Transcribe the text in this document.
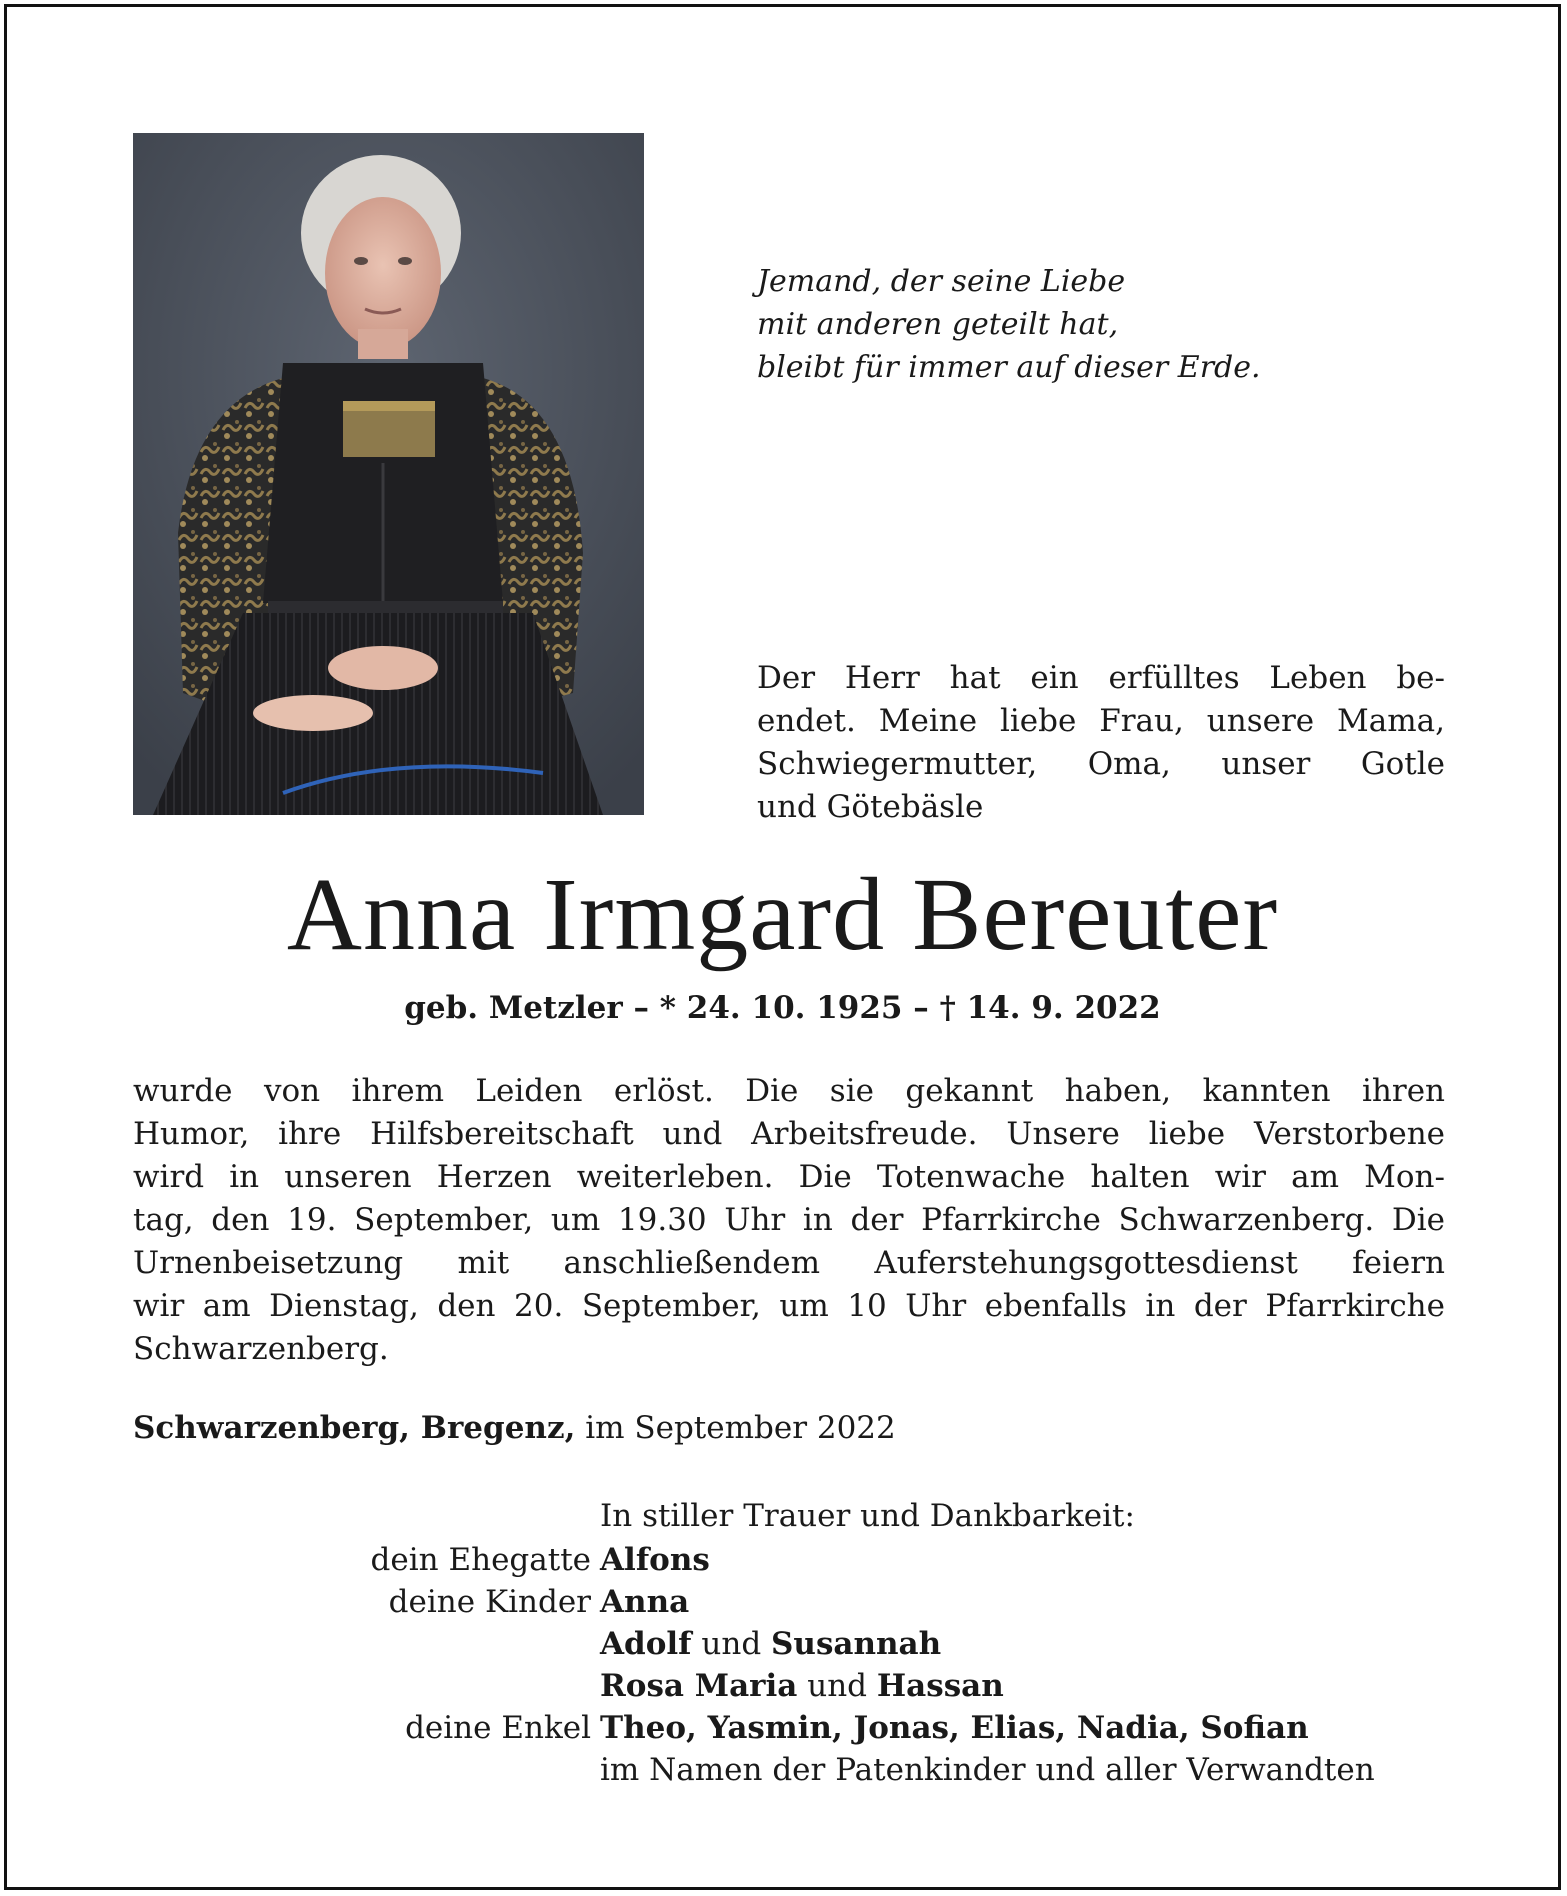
Jemand, der seine Liebe
mit anderen geteilt hat,
bleibt für immer auf dieser Erde.
Der Herr hat ein erfülltes Leben be-
endet. Meine liebe Frau, unsere Mama,
Schwiegermutter, Oma, unser Gotle
und Götebäsle
Anna Irmgard Bereuter
geb. Metzler – * 24. 10. 1925 – † 14. 9. 2022
wurde von ihrem Leiden erlöst. Die sie gekannt haben, kannten ihren
Humor, ihre Hilfsbereitschaft und Arbeitsfreude. Unsere liebe Verstorbene
wird in unseren Herzen weiterleben. Die Totenwache halten wir am Mon-
tag, den 19. September, um 19.30 Uhr in der Pfarrkirche Schwarzenberg. Die
Urnenbeisetzung mit anschließendem Auferstehungsgottesdienst feiern
wir am Dienstag, den 20. September, um 10 Uhr ebenfalls in der Pfarrkirche
Schwarzenberg.
Schwarzenberg, Bregenz, im September 2022
In stiller Trauer und Dankbarkeit:
dein Ehegatte Alfons
deine Kinder Anna
Adolf und Susannah
Rosa Maria und Hassan
deine Enkel Theo, Yasmin, Jonas, Elias, Nadia, Sofian
im Namen der Patenkinder und aller Verwandten
